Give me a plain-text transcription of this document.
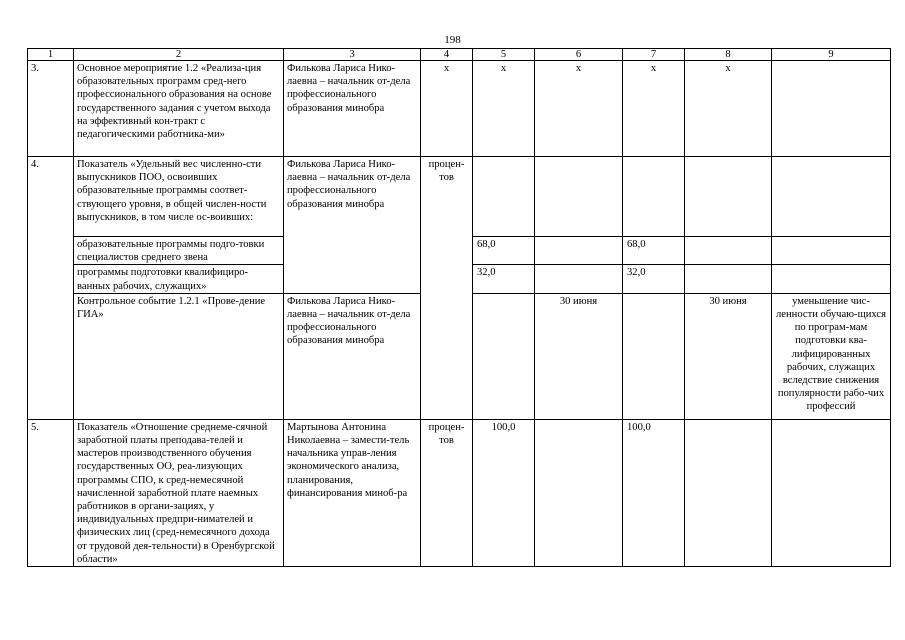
198
1	2	3	4	5	6	7	8	9
3.	Основное мероприятие 1.2 «Реализа-ция образовательных программ сред-него профессионального образования на основе государственного задания с учетом выхода на эффективный кон-тракт с педагогическими работника-ми»	Филькова Лариса Нико-лаевна – начальник от-дела профессионального образования минобра	х	х	х	х	х	
4.	Показатель «Удельный вес численно-сти выпускников ПОО, освоивших образовательные программы соответ-ствующего уровня, в общей числен-ности выпускников, в том числе ос-воивших:	Филькова Лариса Нико-лаевна – начальник от-дела профессионального образования минобра	процен-тов					
	образовательные программы подго-товки специалистов среднего звена			68,0		68,0		
	программы подготовки квалифициро-ванных рабочих, служащих»			32,0		32,0		
	Контрольное событие 1.2.1 «Прове-дение ГИА»	Филькова Лариса Нико-лаевна – начальник от-дела профессионального образования минобра			30 июня		30 июня	уменьшение чис-ленности обучаю-щихся по програм-мам подготовки ква-лифицированных рабочих, служащих вследствие снижения популярности рабо-чих профессий
5.	Показатель «Отношение среднеме-сячной заработной платы преподава-телей и мастеров производственного обучения государственных ОО, реа-лизующих программы СПО, к сред-немесячной начисленной заработной плате наемных работников в органи-зациях, у индивидуальных предпри-нимателей и физических лиц (сред-немесячного дохода от трудовой дея-тельности) в Оренбургской области»	Мартынова Антонина Николаевна – замести-тель начальника управ-ления экономического анализа, планирования, финансирования миноб-ра	процен-тов	100,0		100,0		
